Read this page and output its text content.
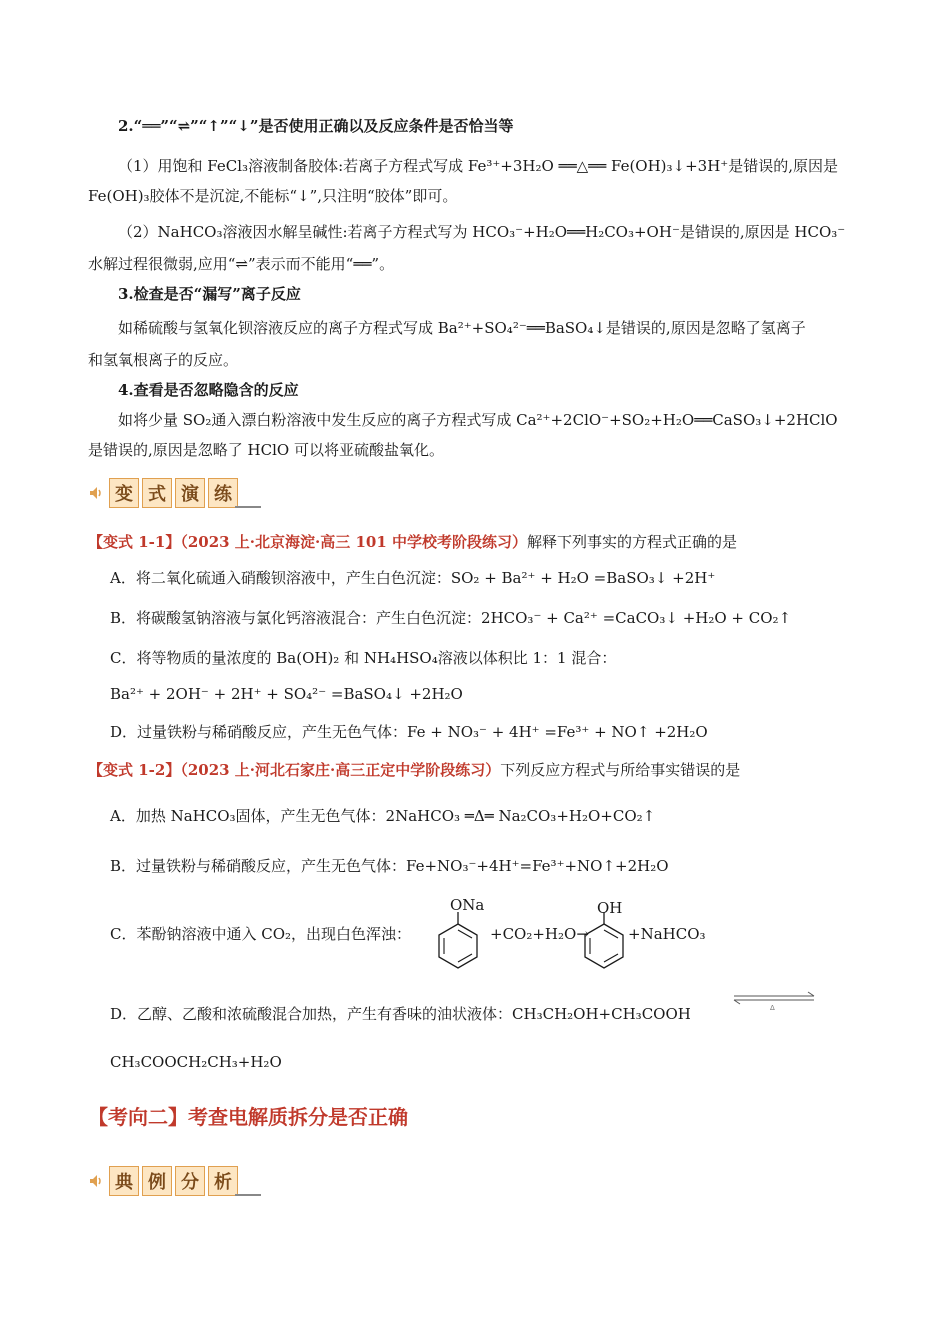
2.“══”“⇌”“↑”“↓”是否使用正确以及反应条件是否恰当等
（1）用饱和 FeCl₃溶液制备胶体:若离子方程式写成 Fe³⁺+3H₂O ══△══ Fe(OH)₃↓+3H⁺是错误的,原因是
Fe(OH)₃胶体不是沉淀,不能标“↓”,只注明“胶体”即可。
（2）NaHCO₃溶液因水解呈碱性:若离子方程式写为 HCO₃⁻+H₂O══H₂CO₃+OH⁻是错误的,原因是 HCO₃⁻
水解过程很微弱,应用“⇌”表示而不能用“══”。
3.检查是否“漏写”离子反应
如稀硫酸与氢氧化钡溶液反应的离子方程式写成 Ba²⁺+SO₄²⁻══BaSO₄↓是错误的,原因是忽略了氢离子
和氢氧根离子的反应。
4.查看是否忽略隐含的反应
如将少量 SO₂通入漂白粉溶液中发生反应的离子方程式写成 Ca²⁺+2ClO⁻+SO₂+H₂O══CaSO₃↓+2HClO
是错误的,原因是忽略了 HClO 可以将亚硫酸盐氧化。
变 式 演 练
【变式 1-1】（2023 上·北京海淀·高三 101 中学校考阶段练习）解释下列事实的方程式正确的是
A．将二氧化硫通入硝酸钡溶液中，产生白色沉淀：SO₂ + Ba²⁺ + H₂O =BaSO₃↓ +2H⁺
B．将碳酸氢钠溶液与氯化钙溶液混合：产生白色沉淀：2HCO₃⁻ + Ca²⁺ =CaCO₃↓ +H₂O + CO₂↑
C．将等物质的量浓度的 Ba(OH)₂ 和 NH₄HSO₄溶液以体积比 1：1 混合：
Ba²⁺ + 2OH⁻ + 2H⁺ + SO₄²⁻ =BaSO₄↓ +2H₂O
D．过量铁粉与稀硝酸反应，产生无色气体：Fe + NO₃⁻ + 4H⁺ =Fe³⁺ + NO↑ +2H₂O
【变式 1-2】（2023 上·河北石家庄·高三正定中学阶段练习）下列反应方程式与所给事实错误的是
A．加热 NaHCO₃固体，产生无色气体：2NaHCO₃ ═Δ═ Na₂CO₃+H₂O+CO₂↑
B．过量铁粉与稀硝酸反应，产生无色气体：Fe+NO₃⁻+4H⁺=Fe³⁺+NO↑+2H₂O
C．苯酚钠溶液中通入 CO₂，出现白色浑浊：
ONa
+CO₂+H₂O→
OH
+NaHCO₃
D．乙醇、乙酸和浓硫酸混合加热，产生有香味的油状液体：CH₃CH₂OH+CH₃COOH	Δ
CH₃COOCH₂CH₃+H₂O
【考向二】考查电解质拆分是否正确
典 例 分 析
